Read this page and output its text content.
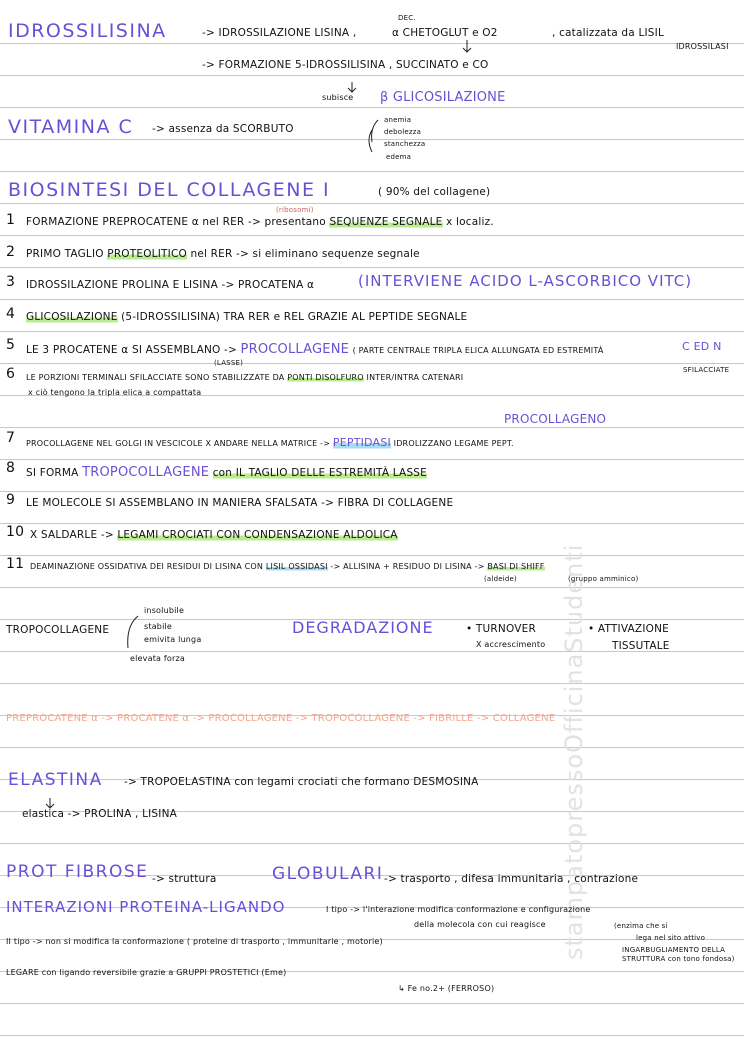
stampatopressoOfficinaStudenti
IDROSSILISINA	-> IDROSSILAZIONE LISINA ,
DEC.
α CHETOGLUT e O2	, catalizzata da LISIL
IDROSSILASI
-> FORMAZIONE 5-IDROSSILISINA , SUCCINATO e CO
subisce β GLICOSILAZIONE
VITAMINA C -> assenza da SCORBUTO
anemia
debolezza
stanchezza
edema
BIOSINTESI DEL COLLAGENE I	( 90% del collagene)
1 FORMAZIONE PREPROCATENE α nel RER -> presentano SEQUENZE SEGNALE x localiz.
(ribosomi)
2 PRIMO TAGLIO PROTEOLITICO nel RER -> si eliminano sequenze segnale
3 IDROSSILAZIONE PROLINA E LISINA -> PROCATENA α	(INTERVIENE ACIDO L-ASCORBICO VITC)
4 GLICOSILAZIONE (5-IDROSSILISINA) TRA RER e REL GRAZIE AL PEPTIDE SEGNALE
5 LE 3 PROCATENE α SI ASSEMBLANO -> PROCOLLAGENE ( PARTE CENTRALE TRIPLA ELICA ALLUNGATA ED ESTREMITÀ	C ED N
6
(LASSE)
LE PORZIONI TERMINALI SFILACCIATE SONO STABILIZZATE DA PONTI DISOLFURO INTER/INTRA CATENARI
SFILACCIATE
x ciò tengono la tripla elica a compattata
PROCOLLAGENO
7 PROCOLLAGENE NEL GOLGI IN VESCICOLE X ANDARE NELLA MATRICE -> PEPTIDASI IDROLIZZANO LEGAME PEPT.
8 SI FORMA TROPOCOLLAGENE con IL TAGLIO DELLE ESTREMITÀ LASSE
9 LE MOLECOLE SI ASSEMBLANO IN MANIERA SFALSATA -> FIBRA DI COLLAGENE
10 X SALDARLE -> LEGAMI CROCIATI CON CONDENSAZIONE ALDOLICA
11 DEAMINAZIONE OSSIDATIVA DEI RESIDUI DI LISINA CON LISIL OSSIDASI -> ALLISINA + RESIDUO DI LISINA -> BASI DI SHIFF
(aldeide)	(gruppo amminico)
TROPOCOLLAGENE
insolubile
stabile
emivita lunga
elevata forza
DEGRADAZIONE	• TURNOVER
X accrescimento
• ATTIVAZIONE
TISSUTALE
PREPROCATENE α -> PROCATENE α -> PROCOLLAGENE -> TROPOCOLLAGENE -> FIBRILLE -> COLLAGENE
ELASTINA -> TROPOELASTINA con legami crociati che formano DESMOSINA
elastica -> PROLINA , LISINA
PROT FIBROSE -> struttura	GLOBULARI -> trasporto , difesa immunitaria , contrazione
INTERAZIONI PROTEINA-LIGANDO	I tipo -> l'interazione modifica conformazione e configurazione
della molecola con cui reagisce	(enzima che si
lega nel sito attivo
INGARBUGLIAMENTO DELLA STRUTTURA con tono fondosa)
II tipo -> non si modifica la conformazione ( proteine di trasporto , immunitarie , motorie)
LEGARE con ligando reversibile grazie a GRUPPI PROSTETICI (Eme)
↳ Fe no.2+ (FERROSO)
